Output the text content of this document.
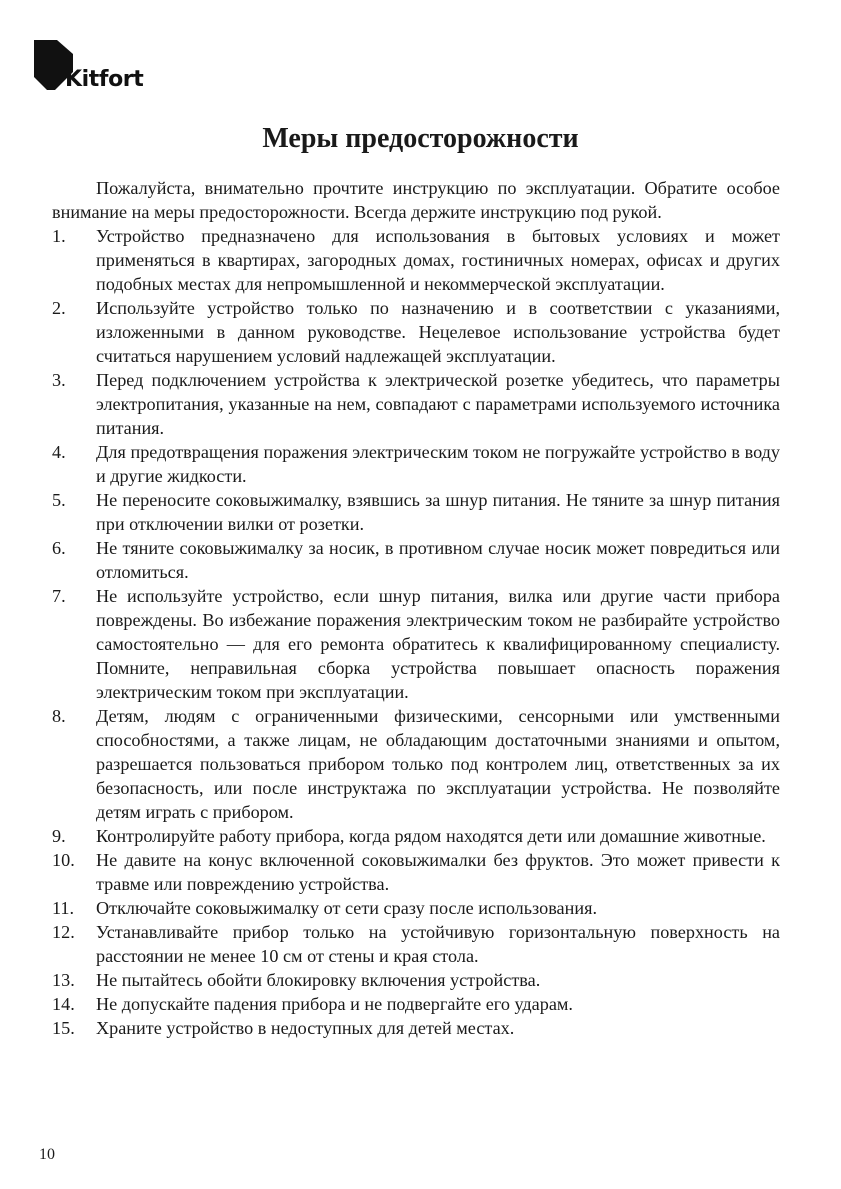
Kitfort
Меры предосторожности

Пожалуйста, внимательно прочтите инструкцию по эксплуатации. Обратите особое внимание на меры предосторожности. Всегда держите инструкцию под рукой.

1. Устройство предназначено для использования в бытовых условиях и может применяться в квартирах, загородных домах, гостиничных номерах, офисах и других подобных местах для непромышленной и некоммерческой эксплуатации.
2. Используйте устройство только по назначению и в соответствии с указаниями, изложенными в данном руководстве. Нецелевое использование устройства будет считаться нарушением условий надлежащей эксплуатации.
3. Перед подключением устройства к электрической розетке убедитесь, что параметры электропитания, указанные на нем, совпадают с параметрами используемого источника питания.
4. Для предотвращения поражения электрическим током не погружайте устройство в воду и другие жидкости.
5. Не переносите соковыжималку, взявшись за шнур питания. Не тяните за шнур питания при отключении вилки от розетки.
6. Не тяните соковыжималку за носик, в противном случае носик может повредиться или отломиться.
7. Не используйте устройство, если шнур питания, вилка или другие части прибора повреждены. Во избежание поражения электрическим током не разбирайте устройство самостоятельно — для его ремонта обратитесь к квалифицированному специалисту. Помните, неправильная сборка устройства повышает опасность поражения электрическим током при эксплуатации.
8. Детям, людям с ограниченными физическими, сенсорными или умственными способностями, а также лицам, не обладающим достаточными знаниями и опытом, разрешается пользоваться прибором только под контролем лиц, ответственных за их безопасность, или после инструктажа по эксплуатации устройства. Не позволяйте детям играть с прибором.
9. Контролируйте работу прибора, когда рядом находятся дети или домашние животные.
10. Не давите на конус включенной соковыжималки без фруктов. Это может привести к травме или повреждению устройства.
11. Отключайте соковыжималку от сети сразу после использования.
12. Устанавливайте прибор только на устойчивую горизонтальную поверхность на расстоянии не менее 10 см от стены и края стола.
13. Не пытайтесь обойти блокировку включения устройства.
14. Не допускайте падения прибора и не подвергайте его ударам.
15. Храните устройство в недоступных для детей местах.
10
